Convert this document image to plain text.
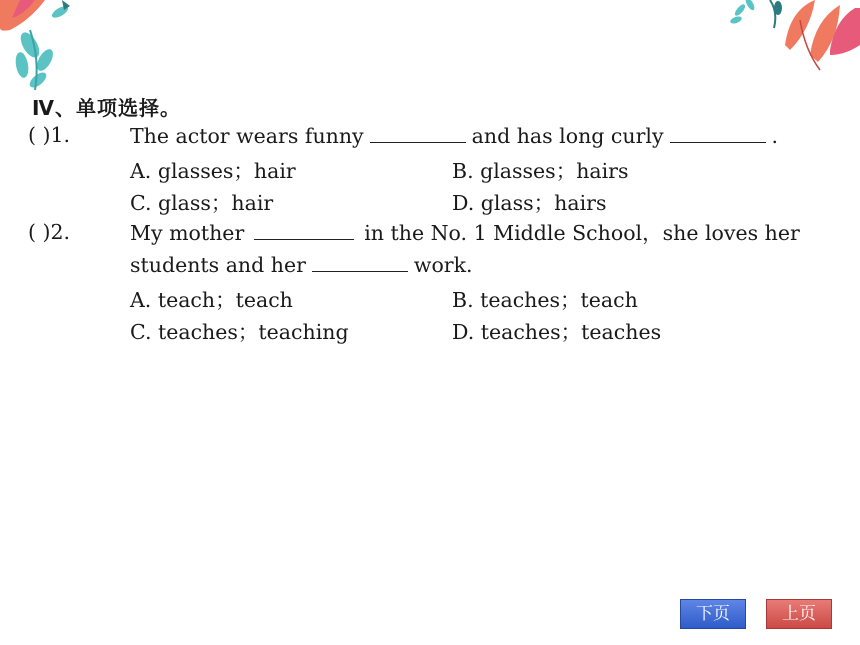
Ⅳ、单项选择。
( )1.	The actor wears funny	and has long curly	.
A. glasses；hair	B. glasses；hairs
C. glass；hair	D. glass；hairs
( )2.	My mother	in the No. 1 Middle School，she loves her
students and her	work.
A. teach；teach	B. teaches；teach
C. teaches；teaching	D. teaches；teaches
下页	上页
